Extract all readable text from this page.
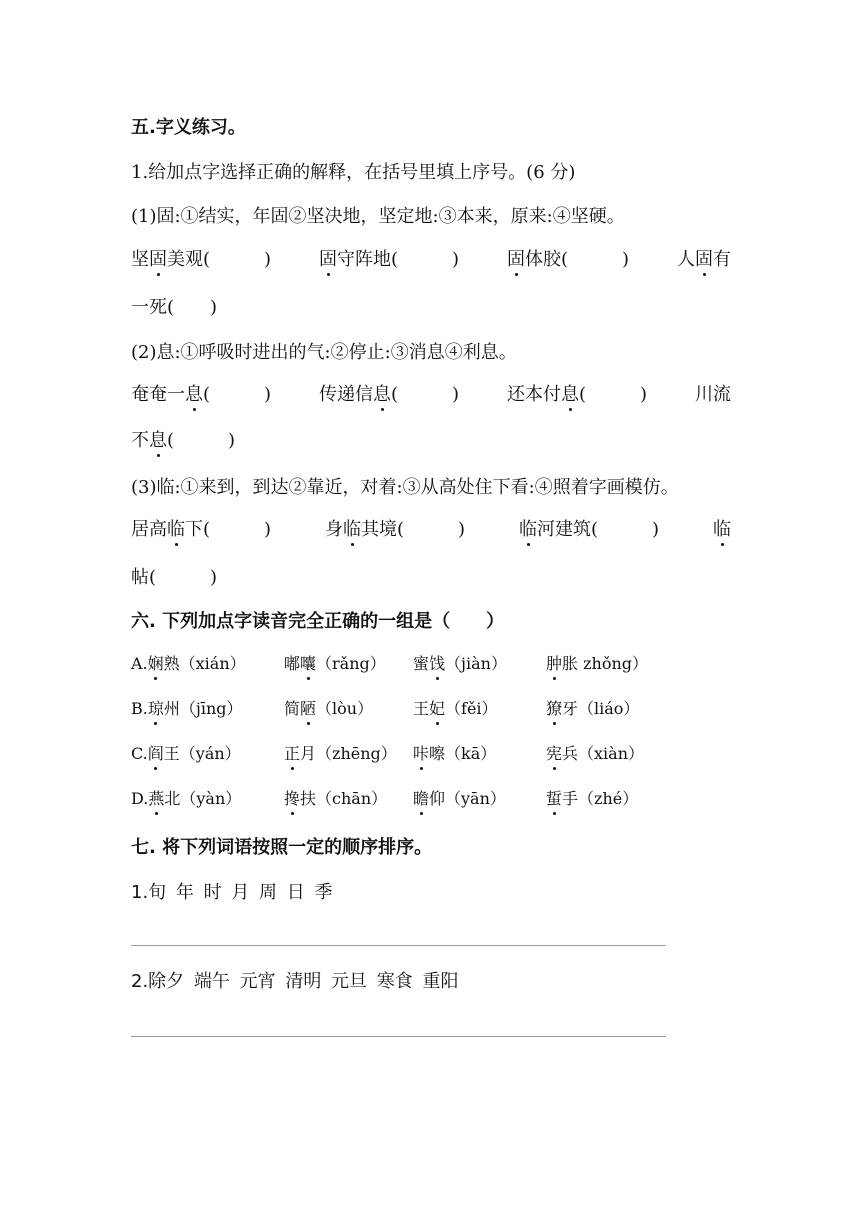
五.字义练习。
1.给加点字选择正确的解释，在括号里填上序号。(6 分)
(1)固:①结实，年固②坚决地，坚定地:③本来，原来:④坚硬。
坚固美观(　　　)	固守阵地(　　　)	固体胶(　　　)	人固有
一死(　　)
(2)息:①呼吸时进出的气:②停止:③消息④利息。
奄奄一息(　　　)	传递信息(　　　)	还本付息(　　　)	川流
不息(　　　)
(3)临:①来到，到达②靠近，对着:③从高处住下看:④照着字画模仿。
居高临下(　　　)	身临其境(　　　)	临河建筑(　　　)	临
帖(　　　)
六. 下列加点字读音完全正确的一组是（　　）
A.娴熟（xián） 嘟囔（rǎng） 蜜饯（jiàn） 肿胀 zhǒng）
B.琼州（jīng）	简陋（lòu） 王妃（fěi）	獠牙（liáo）
C.阎王（yán）	正月（zhēng） 咔嚓（kā）	宪兵（xiàn）
D.燕北（yàn）	搀扶（chān） 瞻仰（yān）	蜇手（zhé）
七. 将下列词语按照一定的顺序排序。
1.旬 年 时 月 周 日 季
2.除夕 端午 元宵 清明 元旦 寒食 重阳
